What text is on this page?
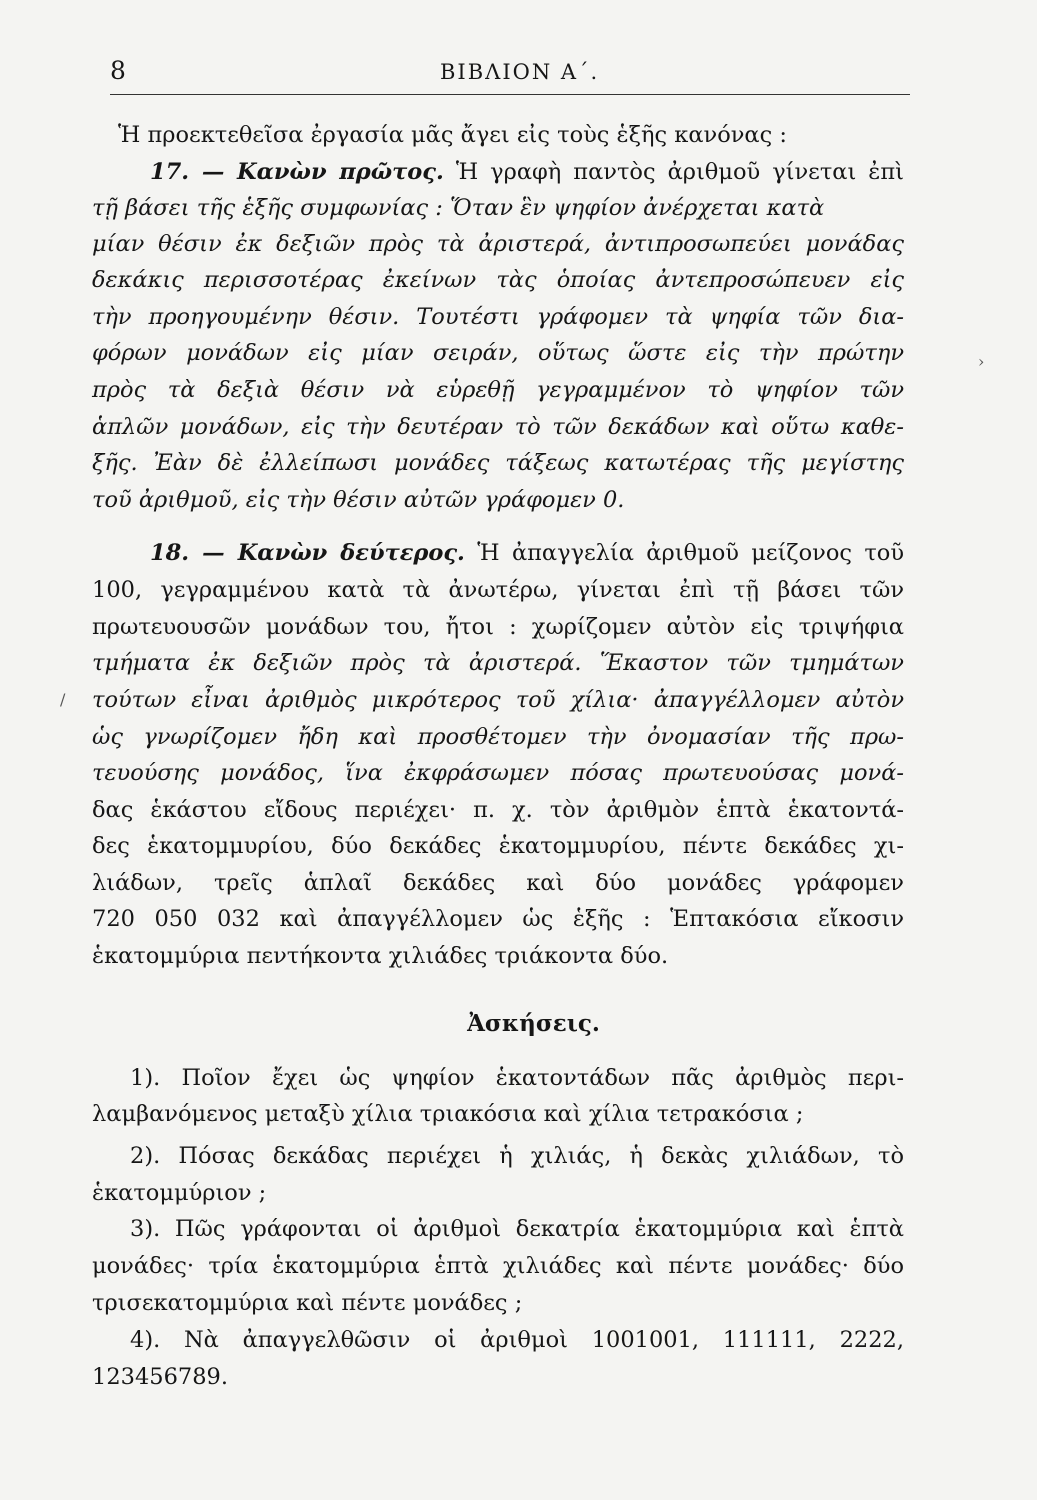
8	ΒΙΒΛΙΟΝ Α΄.
Ἡ προεκτεθεῖσα ἐργασία μᾶς ἄγει εἰς τοὺς ἑξῆς κανόνας :
17. — Κανὼν πρῶτος. Ἡ γραφὴ παντὸς ἀριθμοῦ γίνεται ἐπὶ
τῇ βάσει τῆς ἑξῆς συμφωνίας : Ὅταν ἓν ψηφίον ἀνέρχεται κατὰ
μίαν θέσιν ἐκ δεξιῶν πρὸς τὰ ἀριστερά, ἀντιπροσωπεύει μονάδας
δεκάκις περισσοτέρας ἐκείνων τὰς ὁποίας ἀντεπροσώπευεν εἰς
τὴν προηγουμένην θέσιν. Τουτέστι γράφομεν τὰ ψηφία τῶν δια-
φόρων μονάδων εἰς μίαν σειράν, οὕτως ὥστε εἰς τὴν πρώτην
πρὸς τὰ δεξιὰ θέσιν νὰ εὑρεθῇ γεγραμμένον τὸ ψηφίον τῶν
ἁπλῶν μονάδων, εἰς τὴν δευτέραν τὸ τῶν δεκάδων καὶ οὕτω καθε-
ξῆς. Ἐὰν δὲ ἐλλείπωσι μονάδες τάξεως κατωτέρας τῆς μεγίστης
τοῦ ἀριθμοῦ, εἰς τὴν θέσιν αὐτῶν γράφομεν 0.
18. — Κανὼν δεύτερος. Ἡ ἀπαγγελία ἀριθμοῦ μείζονος τοῦ
100, γεγραμμένου κατὰ τὰ ἀνωτέρω, γίνεται ἐπὶ τῇ βάσει τῶν
πρωτευουσῶν μονάδων του, ἤτοι : χωρίζομεν αὐτὸν εἰς τριψήφια
τμήματα ἐκ δεξιῶν πρὸς τὰ ἀριστερά. Ἕκαστον τῶν τμημάτων
τούτων εἶναι ἀριθμὸς μικρότερος τοῦ χίλια· ἀπαγγέλλομεν αὐτὸν
ὡς γνωρίζομεν ἤδη καὶ προσθέτομεν τὴν ὀνομασίαν τῆς πρω-
τευούσης μονάδος, ἵνα ἐκφράσωμεν πόσας πρωτευούσας μονά-
δας ἑκάστου εἴδους περιέχει· π. χ. τὸν ἀριθμὸν ἑπτὰ ἑκατοντά-
δες ἑκατομμυρίου, δύο δεκάδες ἑκατομμυρίου, πέντε δεκάδες χι-
λιάδων, τρεῖς ἁπλαῖ δεκάδες καὶ δύο μονάδες γράφομεν
720 050 032 καὶ ἀπαγγέλλομεν ὡς ἑξῆς : Ἑπτακόσια εἴκοσιν
ἑκατομμύρια πεντήκοντα χιλιάδες τριάκοντα δύο.
Ἀσκήσεις.
1). Ποῖον ἔχει ὡς ψηφίον ἑκατοντάδων πᾶς ἀριθμὸς περι-
λαμβανόμενος μεταξὺ χίλια τριακόσια καὶ χίλια τετρακόσια ;
2). Πόσας δεκάδας περιέχει ἡ χιλιάς, ἡ δεκὰς χιλιάδων, τὸ
ἑκατομμύριον ;
3). Πῶς γράφονται οἱ ἀριθμοὶ δεκατρία ἑκατομμύρια καὶ ἑπτὰ
μονάδες· τρία ἑκατομμύρια ἑπτὰ χιλιάδες καὶ πέντε μονάδες· δύο
τρισεκατομμύρια καὶ πέντε μονάδες ;
4). Νὰ ἀπαγγελθῶσιν οἱ ἀριθμοὶ 1001001, 111111, 2222,
123456789.
›
/
